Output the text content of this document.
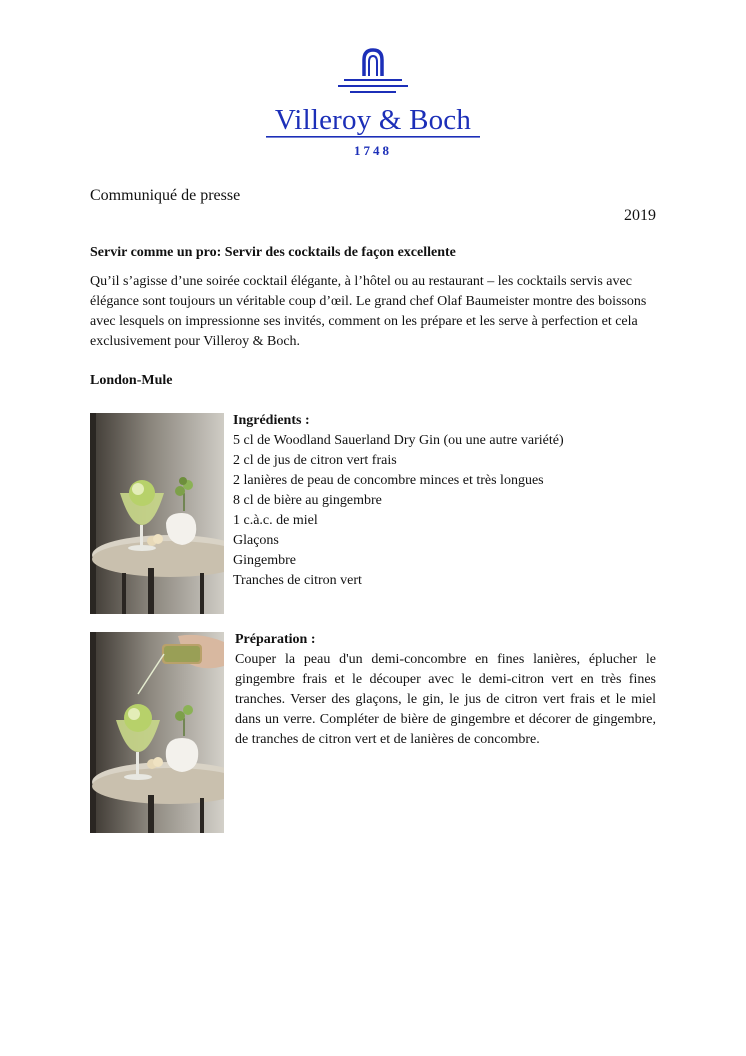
Villeroy & Boch
1748
Communiqué de presse
2019
Servir comme un pro: Servir des cocktails de façon excellente
Qu’il s’agisse d’une soirée cocktail élégante, à l’hôtel ou au restaurant – les cocktails servis avec élégance sont toujours un véritable coup d’œil. Le grand chef Olaf Baumeister montre des boissons avec lesquels on impressionne ses invités, comment on les prépare et les serve à perfection et cela exclusivement pour Villeroy & Boch.
London-Mule
Ingrédients :
5 cl de Woodland Sauerland Dry Gin (ou une autre variété)
2 cl de jus de citron vert frais
2 lanières de peau de concombre minces et très longues
8 cl de bière au gingembre
1 c.à.c. de miel
Glaçons
Gingembre
Tranches de citron vert
Préparation :
Couper la peau d'un demi-concombre en fines lanières, éplucher le gingembre frais et le découper avec le demi-citron vert en très fines tranches. Verser des glaçons, le gin, le jus de citron vert frais et le miel dans un verre. Compléter de bière de gingembre et décorer de gingembre, de tranches de citron vert et de lanières de concombre.
